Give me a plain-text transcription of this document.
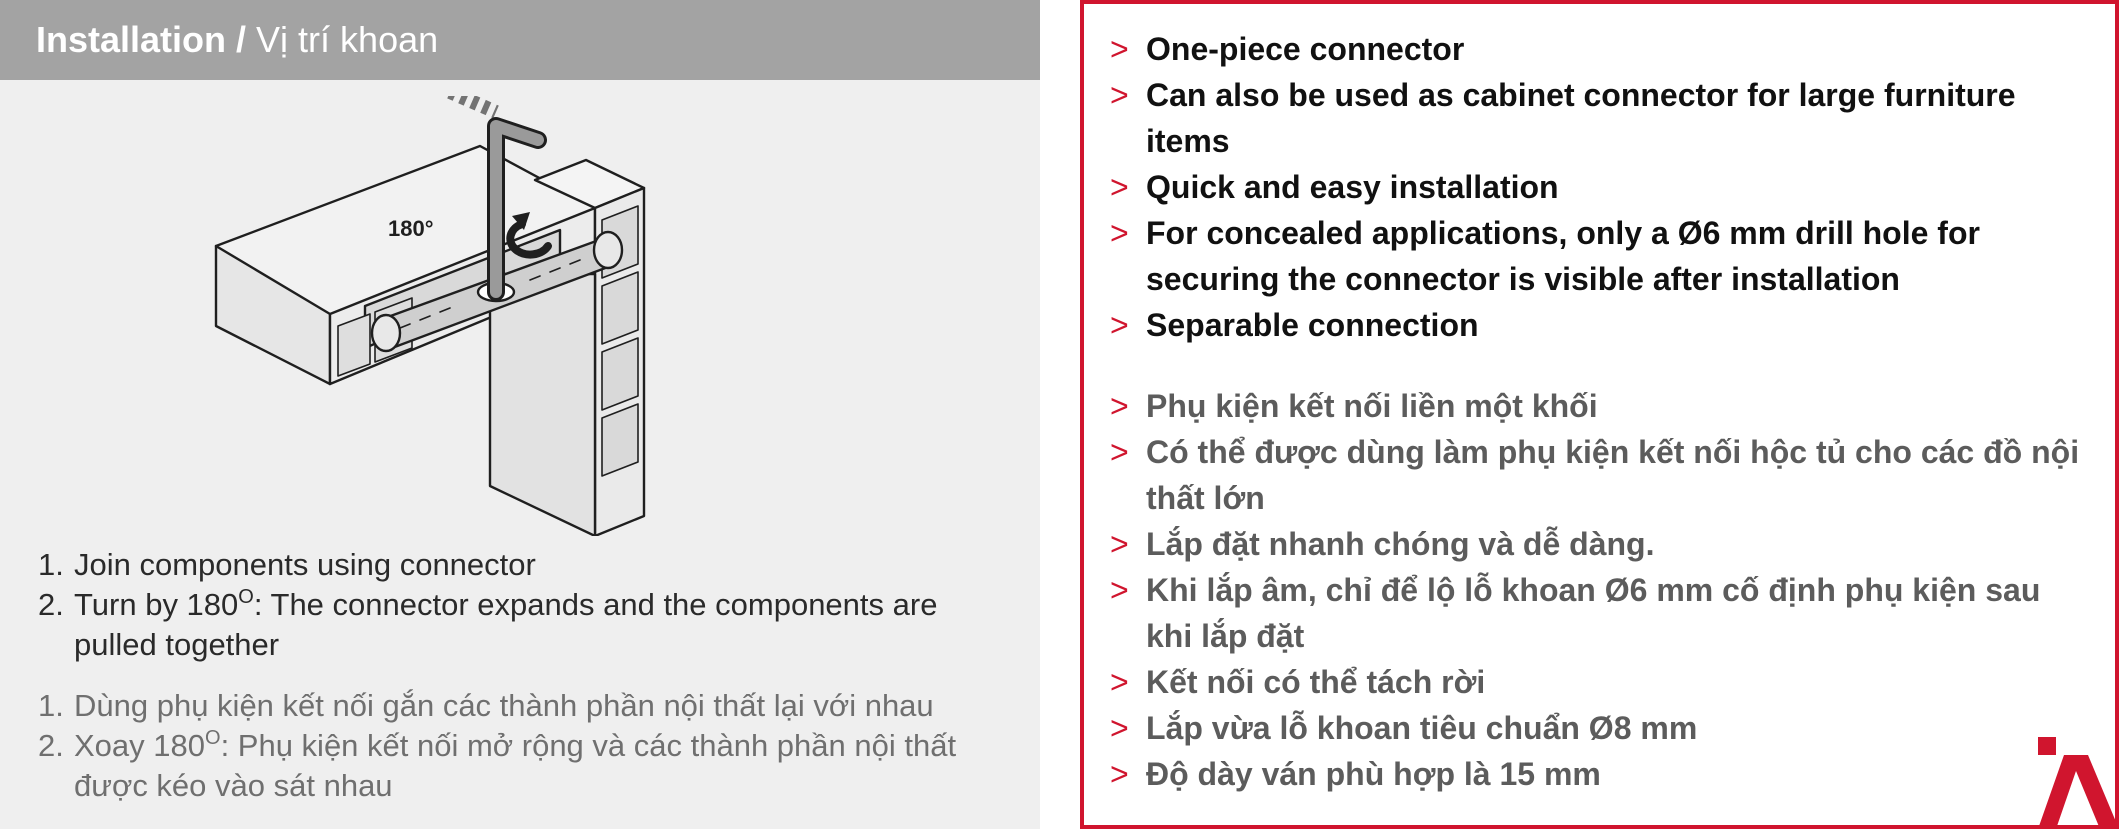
Installation / Vị trí khoan
180°
1. Join components using connector
2. Turn by $180^O$: The connector expands and the components are pulled together
1. Dùng phụ kiện kết nối gắn các thành phần nội thất lại với nhau
2. Xoay $180^O$: Phụ kiện kết nối mở rộng và các thành phần nội thất được kéo vào sát nhau
> One-piece connector
> Can also be used as cabinet connector for large furniture items
> Quick and easy installation
> For concealed applications, only a Ø6 mm drill hole for securing the connector is visible after installation
> Separable connection
> Phụ kiện kết nối liền một khối
> Có thể được dùng làm phụ kiện kết nối hộc tủ cho các đồ nội thất lớn
> Lắp đặt nhanh chóng và dễ dàng.
> Khi lắp âm, chỉ để lộ lỗ khoan Ø6 mm cố định phụ kiện sau khi lắp đặt
> Kết nối có thể tách rời
> Lắp vừa lỗ khoan tiêu chuẩn Ø8 mm
> Độ dày ván phù hợp là 15 mm
